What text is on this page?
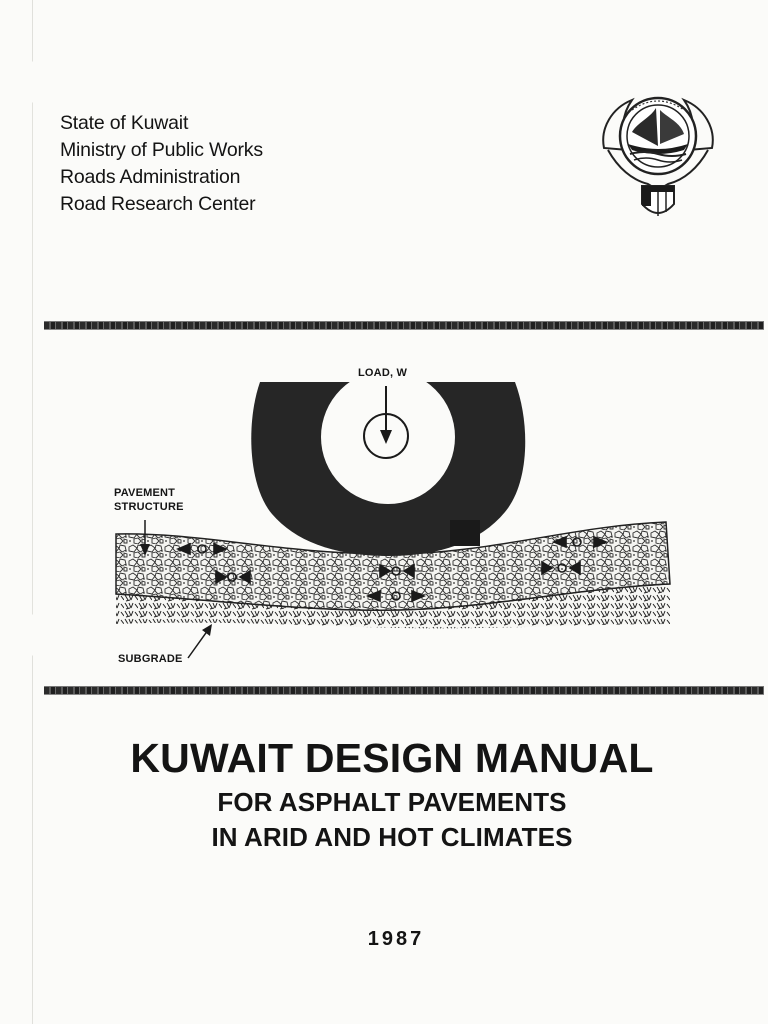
State of Kuwait
Ministry of Public Works
Roads Administration
Road Research Center
LOAD, W
PAVEMENT
STRUCTURE
SUBGRADE
KUWAIT DESIGN MANUAL
FOR ASPHALT PAVEMENTS
IN ARID AND HOT CLIMATES
1987
